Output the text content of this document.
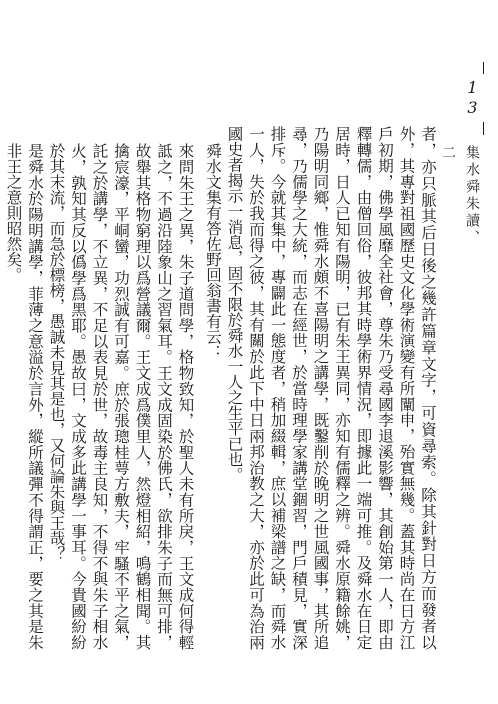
13
集水舜朱讀、二

者，亦只脈其后日後之幾許篇章文字，可資尋索。除其針對日方而發者以外，其專對祖國歷史文化學術演變有所闡申，殆實無幾。蓋其時尚在日方江戶初期，佛學風靡全社會，尊朱乃受尋國李退溪影響，其創始第一人，即由釋轉儒，由僧回俗，彼邦其時學術界情況，即據此一端可推。及舜水在日定居時，日人已知有陽明，已有朱王異同，亦知有儒釋之辨。舜水原籍餘姚，乃陽明同鄉，惟舜水頗不喜陽明之講學，既鑿削於晚明之世風國事，其所追尋，乃儒學之大統，而志在經世，於當時理學家講堂錮習，門戶積見，實深排斥。今就其集中，專闢此一態度者，稍加綴輯，庶以補梁譜之缺，而舜水一人，失於我而得之彼，其有關於此下中日兩邦治教之大，亦於此可為治兩國史者揭示一消息，固不限於舜水一人之生平已也。

舜水文集有答佐野回翁書有云：

來問朱王之異，朱子道問學，格物致知，於聖人未有所戾，王文成何得輕詆之，不過沿陸象山之習氣耳。王文成固染於佛氏，欲排朱子而無可排，故舉其格物窮理以爲營議爾。王文成爲僕里人，然燈相紹，鳴鶴相聞。其擒宸濠，平峒蠻，功烈誠有可嘉。庶於張璁桂萼方敷夫，牢騷不平之氣，託之於講學，不立異，不足以表見於世，故毒主良知，不得不與朱子相水火，孰知其反以僞學爲黑耶。愚故曰，文成多此講學一事耳。今貴國紛紛於其末流，而急於標榜，愚誠未見其是也，又何論朱與王哉？

是舜水於陽明講學，菲薄之意溢於言外，縱所議彈不得謂正，要之其是朱非王之意則昭然矣。
